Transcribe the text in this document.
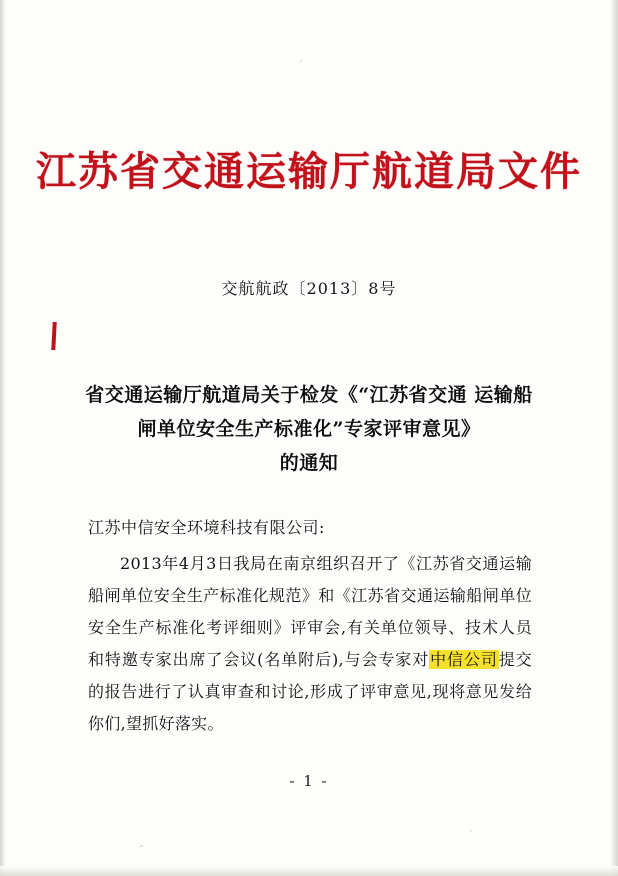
江苏省交通运输厅航道局文件
交航航政〔2013〕8号
省交通运输厅航道局关于检发《“江苏省交通 运输船闸单位安全生产标准化”专家评审意见》
的通知
江苏中信安全环境科技有限公司:
2013年4月3日我局在南京组织召开了《江苏省交通运输船闸单位安全生产标准化规范》和《江苏省交通运输船闸单位安全生产标准化考评细则》评审会,有关单位领导、技术人员和特邀专家出席了会议(名单附后),与会专家对中信公司提交的报告进行了认真审查和讨论,形成了评审意见,现将意见发给你们,望抓好落实。
- 1 -
